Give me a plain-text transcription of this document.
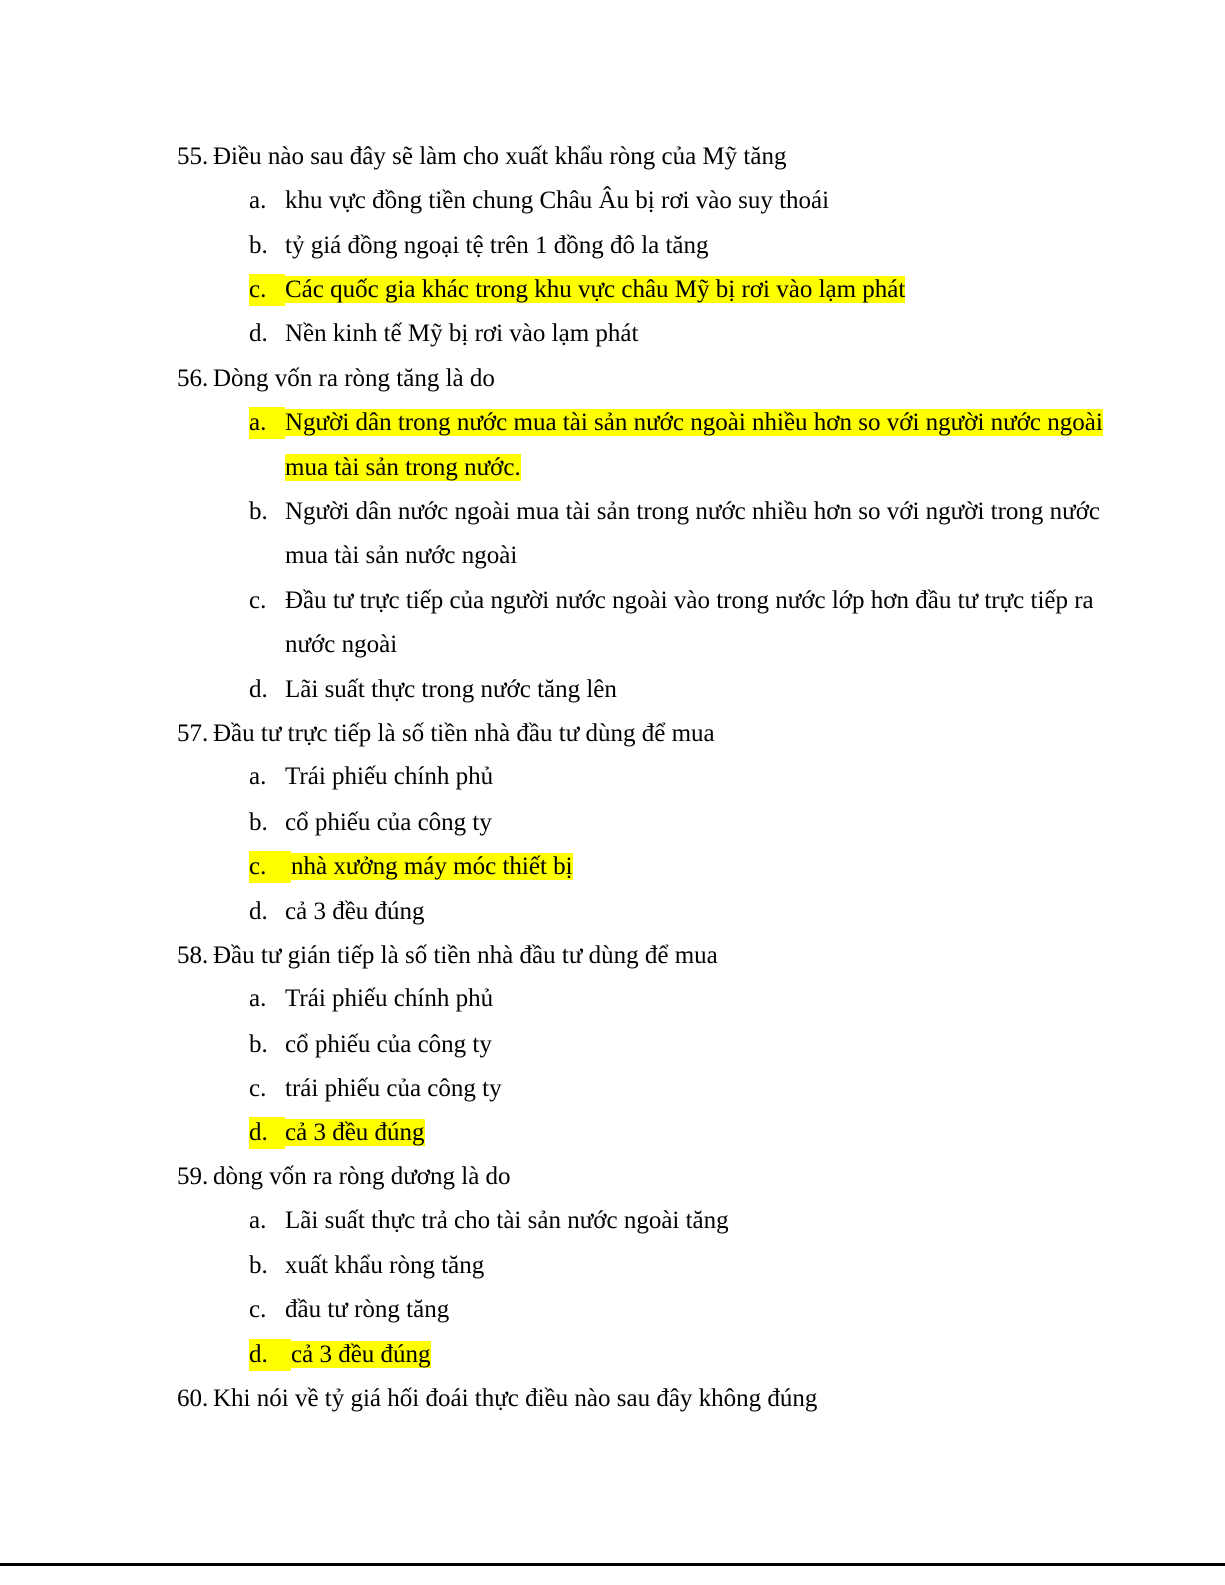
55. Điều nào sau đây sẽ làm cho xuất khẩu ròng của Mỹ tăng
a. khu vực đồng tiền chung Châu Âu bị rơi vào suy thoái
b. tỷ giá đồng ngoại tệ trên 1 đồng đô la tăng
c. Các quốc gia khác trong khu vực châu Mỹ bị rơi vào lạm phát
d. Nền kinh tế Mỹ bị rơi vào lạm phát
56. Dòng vốn ra ròng tăng là do
a. Người dân trong nước mua tài sản nước ngoài nhiều hơn so với người nước ngoài
mua tài sản trong nước.
b. Người dân nước ngoài mua tài sản trong nước nhiều hơn so với người trong nước
mua tài sản nước ngoài
c. Đầu tư trực tiếp của người nước ngoài vào trong nước lớp hơn đầu tư trực tiếp ra
nước ngoài
d. Lãi suất thực trong nước tăng lên
57. Đầu tư trực tiếp là số tiền nhà đầu tư dùng để mua
a. Trái phiếu chính phủ
b. cổ phiếu của công ty
c. nhà xưởng máy móc thiết bị
d. cả 3 đều đúng
58. Đầu tư gián tiếp là số tiền nhà đầu tư dùng để mua
a. Trái phiếu chính phủ
b. cổ phiếu của công ty
c. trái phiếu của công ty
d. cả 3 đều đúng
59. dòng vốn ra ròng dương là do
a. Lãi suất thực trả cho tài sản nước ngoài tăng
b. xuất khẩu ròng tăng
c. đầu tư ròng tăng
d. cả 3 đều đúng
60. Khi nói về tỷ giá hối đoái thực điều nào sau đây không đúng
